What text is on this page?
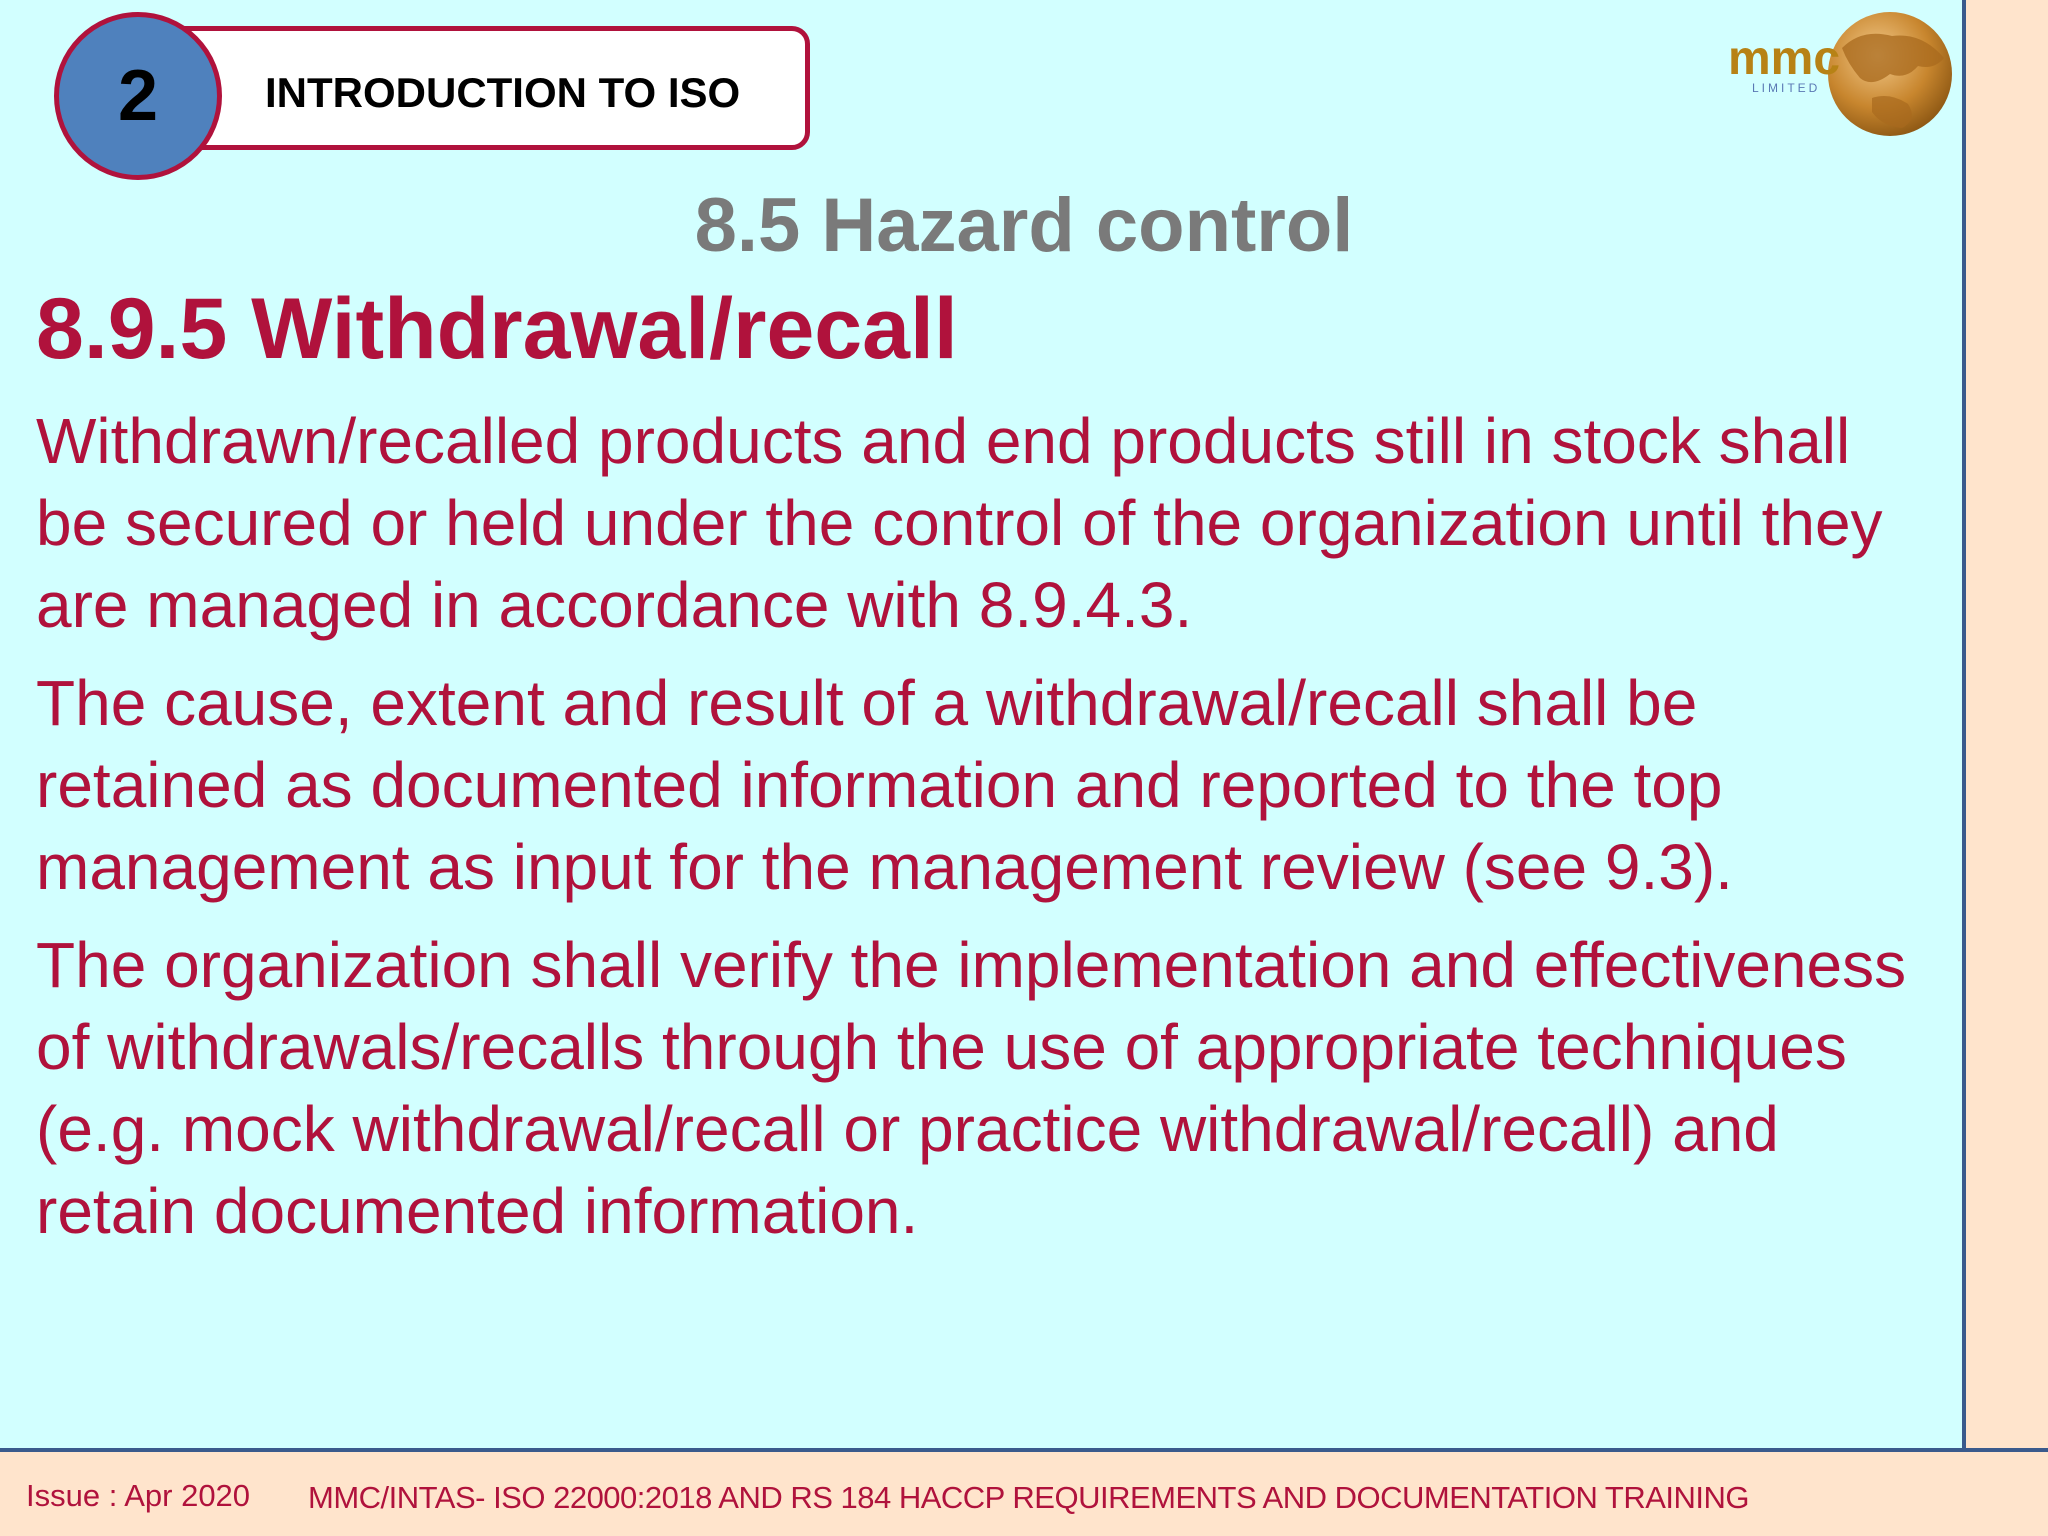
INTRODUCTION TO ISO
2	mmc
LIMITED
8.5 Hazard control
8.9.5 Withdrawal/recall

Withdrawn/recalled products and end products still in stock shall be secured or held under the control of the organization until they are managed in accordance with 8.9.4.3.

The cause, extent and result of a withdrawal/recall shall be retained as documented information and reported to the top management as input for the management review (see 9.3).

The organization shall verify the implementation and effectiveness of withdrawals/recalls through the use of appropriate techniques (e.g. mock withdrawal/recall or practice withdrawal/recall) and retain documented information.

Issue : Apr 2020 MMC/INTAS- ISO 22000:2018 AND RS 184 HACCP REQUIREMENTS AND DOCUMENTATION TRAINING
